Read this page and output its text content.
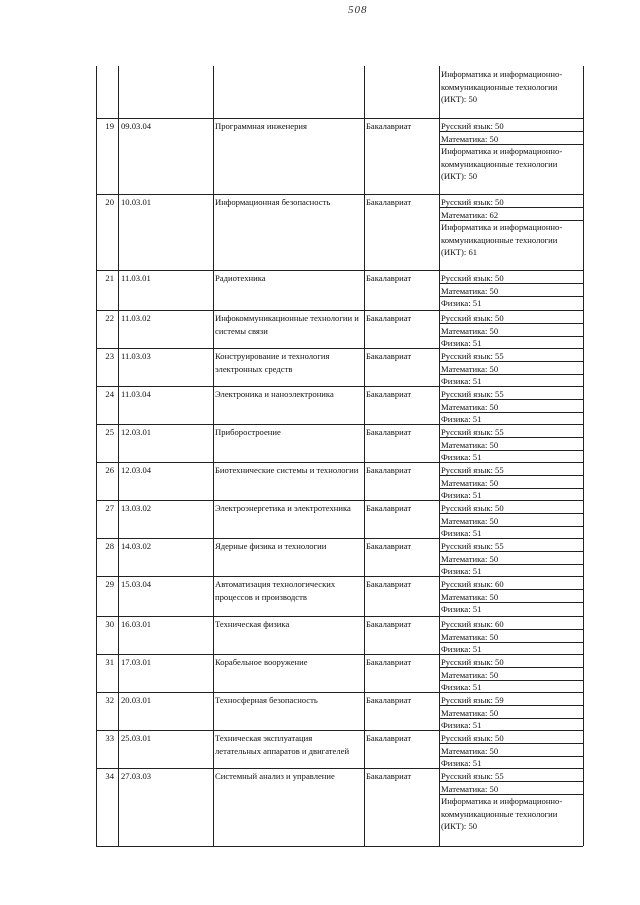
508
Информатика и информационно-коммуникационные технологии (ИКТ): 50
19 09.03.04	Программная инженерия	Бакалавриат	Русский язык: 50
Математика: 50
Информатика и информационно-коммуникационные технологии (ИКТ): 50
20 10.03.01	Информационная безопасность	Бакалавриат	Русский язык: 50
Математика: 62
Информатика и информационно-коммуникационные технологии (ИКТ): 61
21 11.03.01	Радиотехника	Бакалавриат	Русский язык: 50
Математика: 50
Физика: 51
22 11.03.02	Инфокоммуникационные технологии и системы связи
Бакалавриат	Русский язык: 50
Математика: 50
Физика: 51
23 11.03.03	Конструирование и технология электронных средств
Бакалавриат	Русский язык: 55
Математика: 50
Физика: 51
24 11.03.04	Электроника и наноэлектроника	Бакалавриат	Русский язык: 55
Математика: 50
Физика: 51
25 12.03.01	Приборостроение	Бакалавриат	Русский язык: 55
Математика: 50
Физика: 51
26 12.03.04	Биотехнические системы и технологии Бакалавриат	Русский язык: 55
Математика: 50
Физика: 51
27 13.03.02	Электроэнергетика и электротехника	Бакалавриат	Русский язык: 50
Математика: 50
Физика: 51
28 14.03.02	Ядерные физика и технологии	Бакалавриат	Русский язык: 55
Математика: 50
Физика: 51
29 15.03.04	Автоматизация технологических процессов и производств
Бакалавриат	Русский язык: 60
Математика: 50
Физика: 51
30 16.03.01	Техническая физика	Бакалавриат	Русский язык: 60
Математика: 50
Физика: 51
31 17.03.01	Корабельное вооружение	Бакалавриат	Русский язык: 50
Математика: 50
Физика: 51
32 20.03.01	Техносферная безопасность	Бакалавриат	Русский язык: 59
Математика: 50
Физика: 51
33 25.03.01	Техническая эксплуатация летательных аппаратов и двигателей
Бакалавриат	Русский язык: 50
Математика: 50
Физика: 51
34 27.03.03	Системный анализ и управление	Бакалавриат	Русский язык: 55
Математика: 50
Информатика и информационно-коммуникационные технологии (ИКТ): 50
